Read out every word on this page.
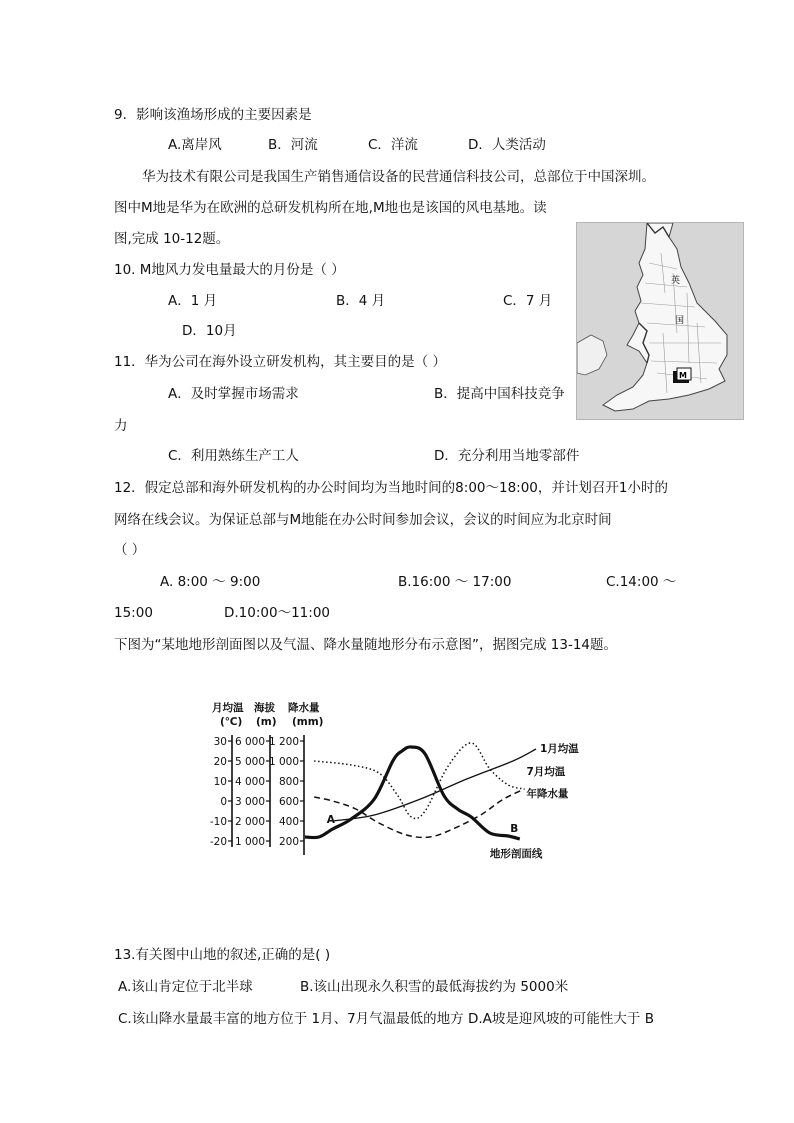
9．影响该渔场形成的主要因素是
A.离岸风	B．河流	C．洋流	D．人类活动
华为技术有限公司是我国生产销售通信设备的民营通信科技公司，总部位于中国深圳。
图中M地是华为在欧洲的总研发机构所在地,M地也是该国的风电基地。读
图,完成 10-12题。
英
国
M
10. M地风力发电量最大的月份是（ ）
A．1 月	B．4 月	C．7 月
D．10月
11．华为公司在海外设立研发机构，其主要目的是（ ）
A．及时掌握市场需求	B．提高中国科技竞争
力
C．利用熟练生产工人	D．充分利用当地零部件
12．假定总部和海外研发机构的办公时间均为当地时间的8:00～18:00，并计划召开1小时的
网络在线会议。为保证总部与M地能在办公时间参加会议，会议的时间应为北京时间
（ ）
A. 8:00 ～ 9:00	B.16:00 ～ 17:00	C.14:00 ～
15:00	D.10:00～11:00
下图为“某地地形剖面图以及气温、降水量随地形分布示意图”，据图完成 13-14题。
月均温 海拔 降水量
(℃) (m) (mm)
30 6 000 1 200
20 5 000 1 000
10 4 000 800
0 3 000 600
-10 2 000 400
-20 1 000 200
1月均温
7月均温
年降水量
地形剖面线
A
B
13.有关图中山地的叙述,正确的是( )
A.该山肯定位于北半球	B.该山出现永久积雪的最低海拔约为 5000米
C.该山降水量最丰富的地方位于 1月、7月气温最低的地方 D.A坡是迎风坡的可能性大于 B
